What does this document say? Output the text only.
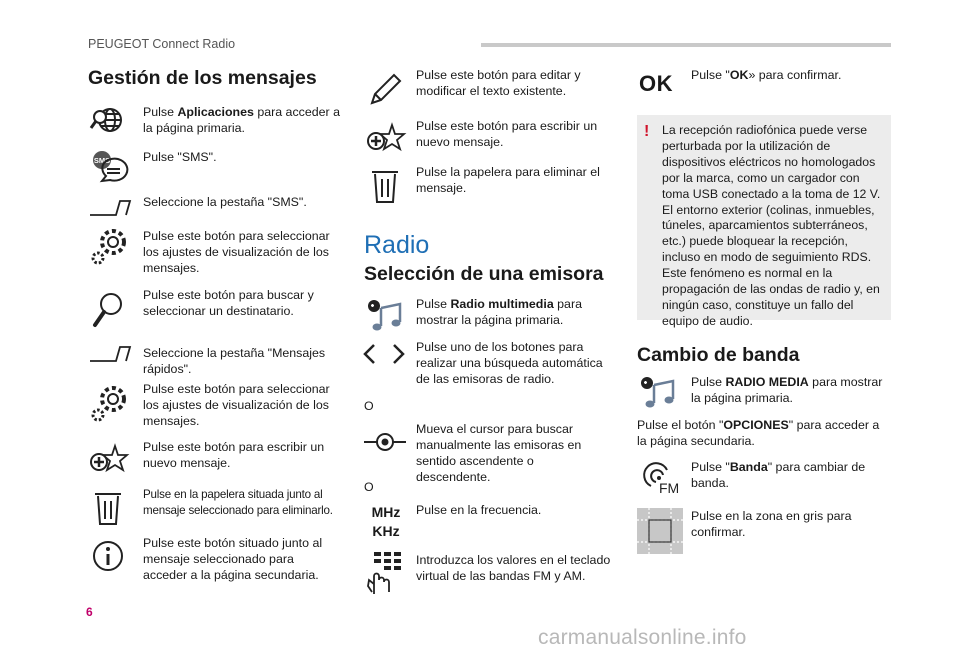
PEUGEOT Connect Radio
Gestión de los mensajes
Pulse Aplicaciones para acceder a la página primaria.
SMS	Pulse "SMS".
Seleccione la pestaña "SMS".
Pulse este botón para seleccionar los ajustes de visualización de los mensajes.
Pulse este botón para buscar y seleccionar un destinatario.
Seleccione la pestaña "Mensajes rápidos".
Pulse este botón para seleccionar los ajustes de visualización de los mensajes.
Pulse este botón para escribir un nuevo mensaje.
Pulse en la papelera situada junto al mensaje seleccionado para eliminarlo.
Pulse este botón situado junto al mensaje seleccionado para acceder a la página secundaria.
Pulse este botón para editar y modificar el texto existente.
Pulse este botón para escribir un nuevo mensaje.
Pulse la papelera para eliminar el mensaje.
Radio
Selección de una emisora
Pulse Radio multimedia para mostrar la página primaria.
Pulse uno de los botones para realizar una búsqueda automática de las emisoras de radio.
O
Mueva el cursor para buscar manualmente las emisoras en sentido ascendente o descendente.
O
MHz
KHz
Pulse en la frecuencia.
Introduzca los valores en el teclado virtual de las bandas FM y AM.
OK Pulse "OK» para confirmar.
! La recepción radiofónica puede verse perturbada por la utilización de dispositivos eléctricos no homologados por la marca, como un cargador con toma USB conectado a la toma de 12 V.
El entorno exterior (colinas, inmuebles, túneles, aparcamientos subterráneos, etc.) puede bloquear la recepción, incluso en modo de seguimiento RDS. Este fenómeno es normal en la propagación de las ondas de radio y, en ningún caso, constituye un fallo del equipo de audio.
Cambio de banda
Pulse RADIO MEDIA para mostrar la página primaria.
Pulse el botón "OPCIONES" para acceder a la página secundaria.
FM
Pulse "Banda" para cambiar de banda.
Pulse en la zona en gris para confirmar.
6
carmanualsonline.info
